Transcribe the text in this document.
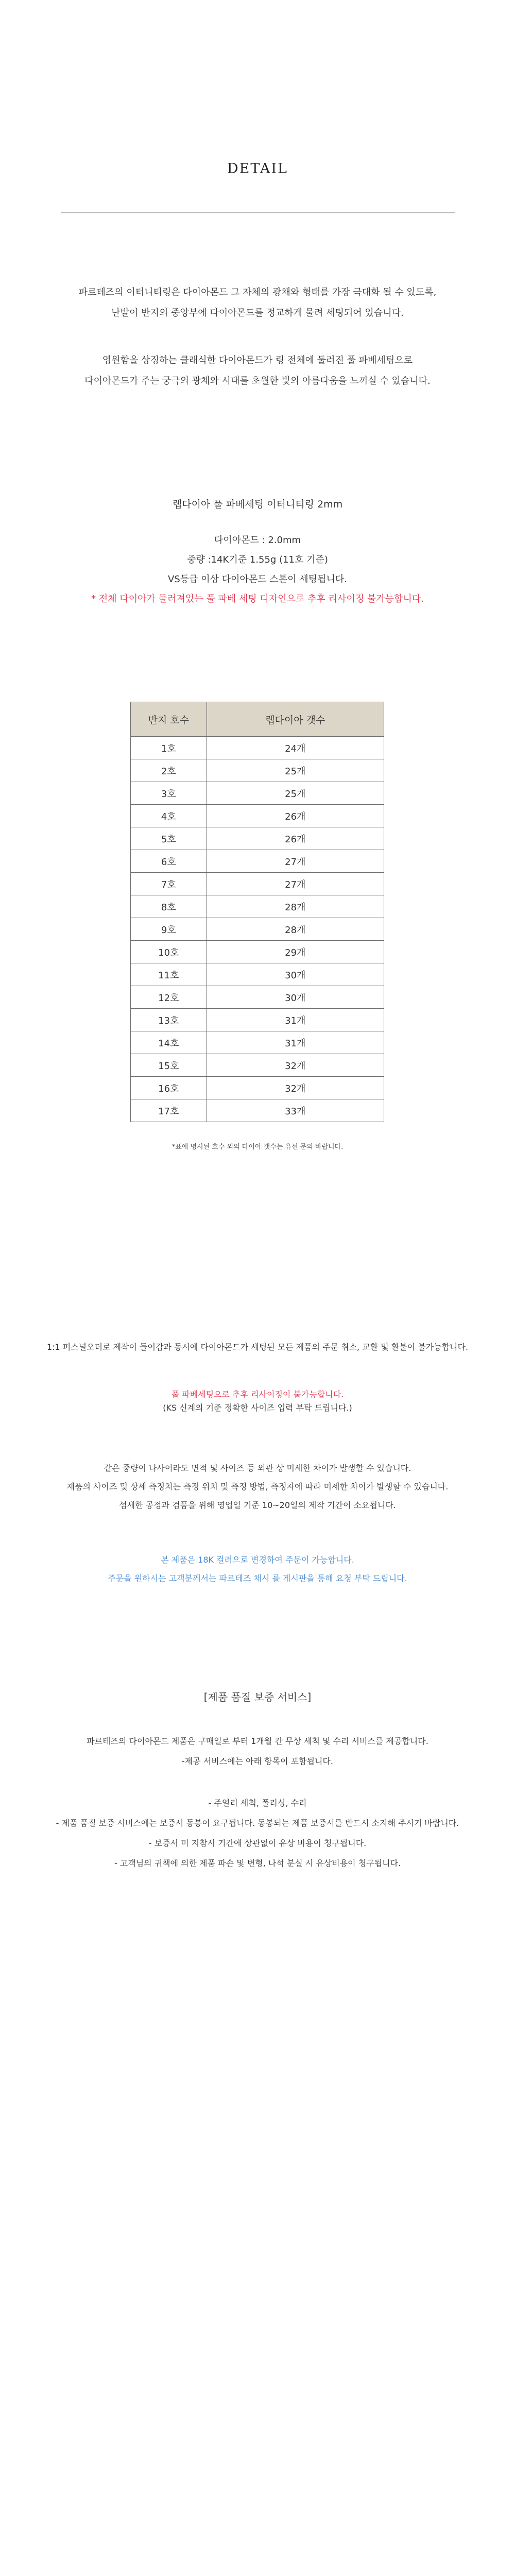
DETAIL

파르테즈의 이터니티링은 다이아몬드 그 자체의 광채와 형태를 가장 극대화 될 수 있도록,

난발이 반지의 중앙부에 다이아몬드를 정교하게 물려 세팅되어 있습니다.

영원함을 상징하는 클래식한 다이아몬드가 링 전체에 둘러진 풀 파베세팅으로

다이아몬드가 주는 궁극의 광채와 시대를 초월한 빛의 아름다움을 느끼실 수 있습니다.

랩다이아 풀 파베세팅 이터니티링 2mm

다이아몬드 : 2.0mm

중량 :14K기준 1.55g (11호 기준)

VS등급 이상 다이아몬드 스톤이 세팅됩니다.

* 전체 다이아가 둘러져있는 풀 파베 세팅 디자인으로 추후 리사이징 불가능합니다.

반지 호수	랩다이아 갯수
1호	24개
2호	25개
3호	25개
4호	26개
5호	26개
6호	27개
7호	27개
8호	28개
9호	28개
10호	29개
11호	30개
12호	30개
13호	31개
14호	31개
15호	32개
16호	32개
17호	33개
*표에 명시된 호수 외의 다이아 갯수는 유선 문의 바랍니다.

1:1 퍼스널오더로 제작이 들어감과 동시에 다이아몬드가 세팅된 모든 제품의 주문 취소, 교환 및 환불이 불가능합니다.

풀 파베세팅으로 추후 리사이징이 불가능합니다.

(KS 신계의 기준 정확한 사이즈 입력 부탁 드립니다.)

같은 중량이 나사이라도 면적 및 사이즈 등 외관 상 미세한 차이가 발생할 수 있습니다.

제품의 사이즈 및 상세 측정치는 측정 위치 및 측정 방법, 측정자에 따라 미세한 차이가 발생할 수 있습니다.

섬세한 공정과 검품을 위해 영업일 기준 10~20일의 제작 기간이 소요됩니다.

본 제품은 18K 컬러으로 변경하여 주문이 가능합니다.

주문을 원하시는 고객분께서는 파르테즈 채시 를 게시판을 통해 요청 부탁 드립니다.

[제품 품질 보증 서비스]

파르테즈의 다이아몬드 제품은 구매일로 부터 1개월 간 무상 세척 및 수리 서비스를 제공합니다.

-제공 서비스에는 아래 항목이 포함됩니다.

- 주얼리 세척, 폴리싱, 수리

- 제품 품질 보증 서비스에는 보증서 동봉이 요구됩니다. 동봉되는 제품 보증서를 반드시 소지해 주시기 바랍니다.

- 보증서 미 지참시 기간에 상관없이 유상 비용이 청구됩니다.

- 고객님의 귀책에 의한 제품 파손 및 변형, 나석 분실 시 유상비용이 청구됩니다.
